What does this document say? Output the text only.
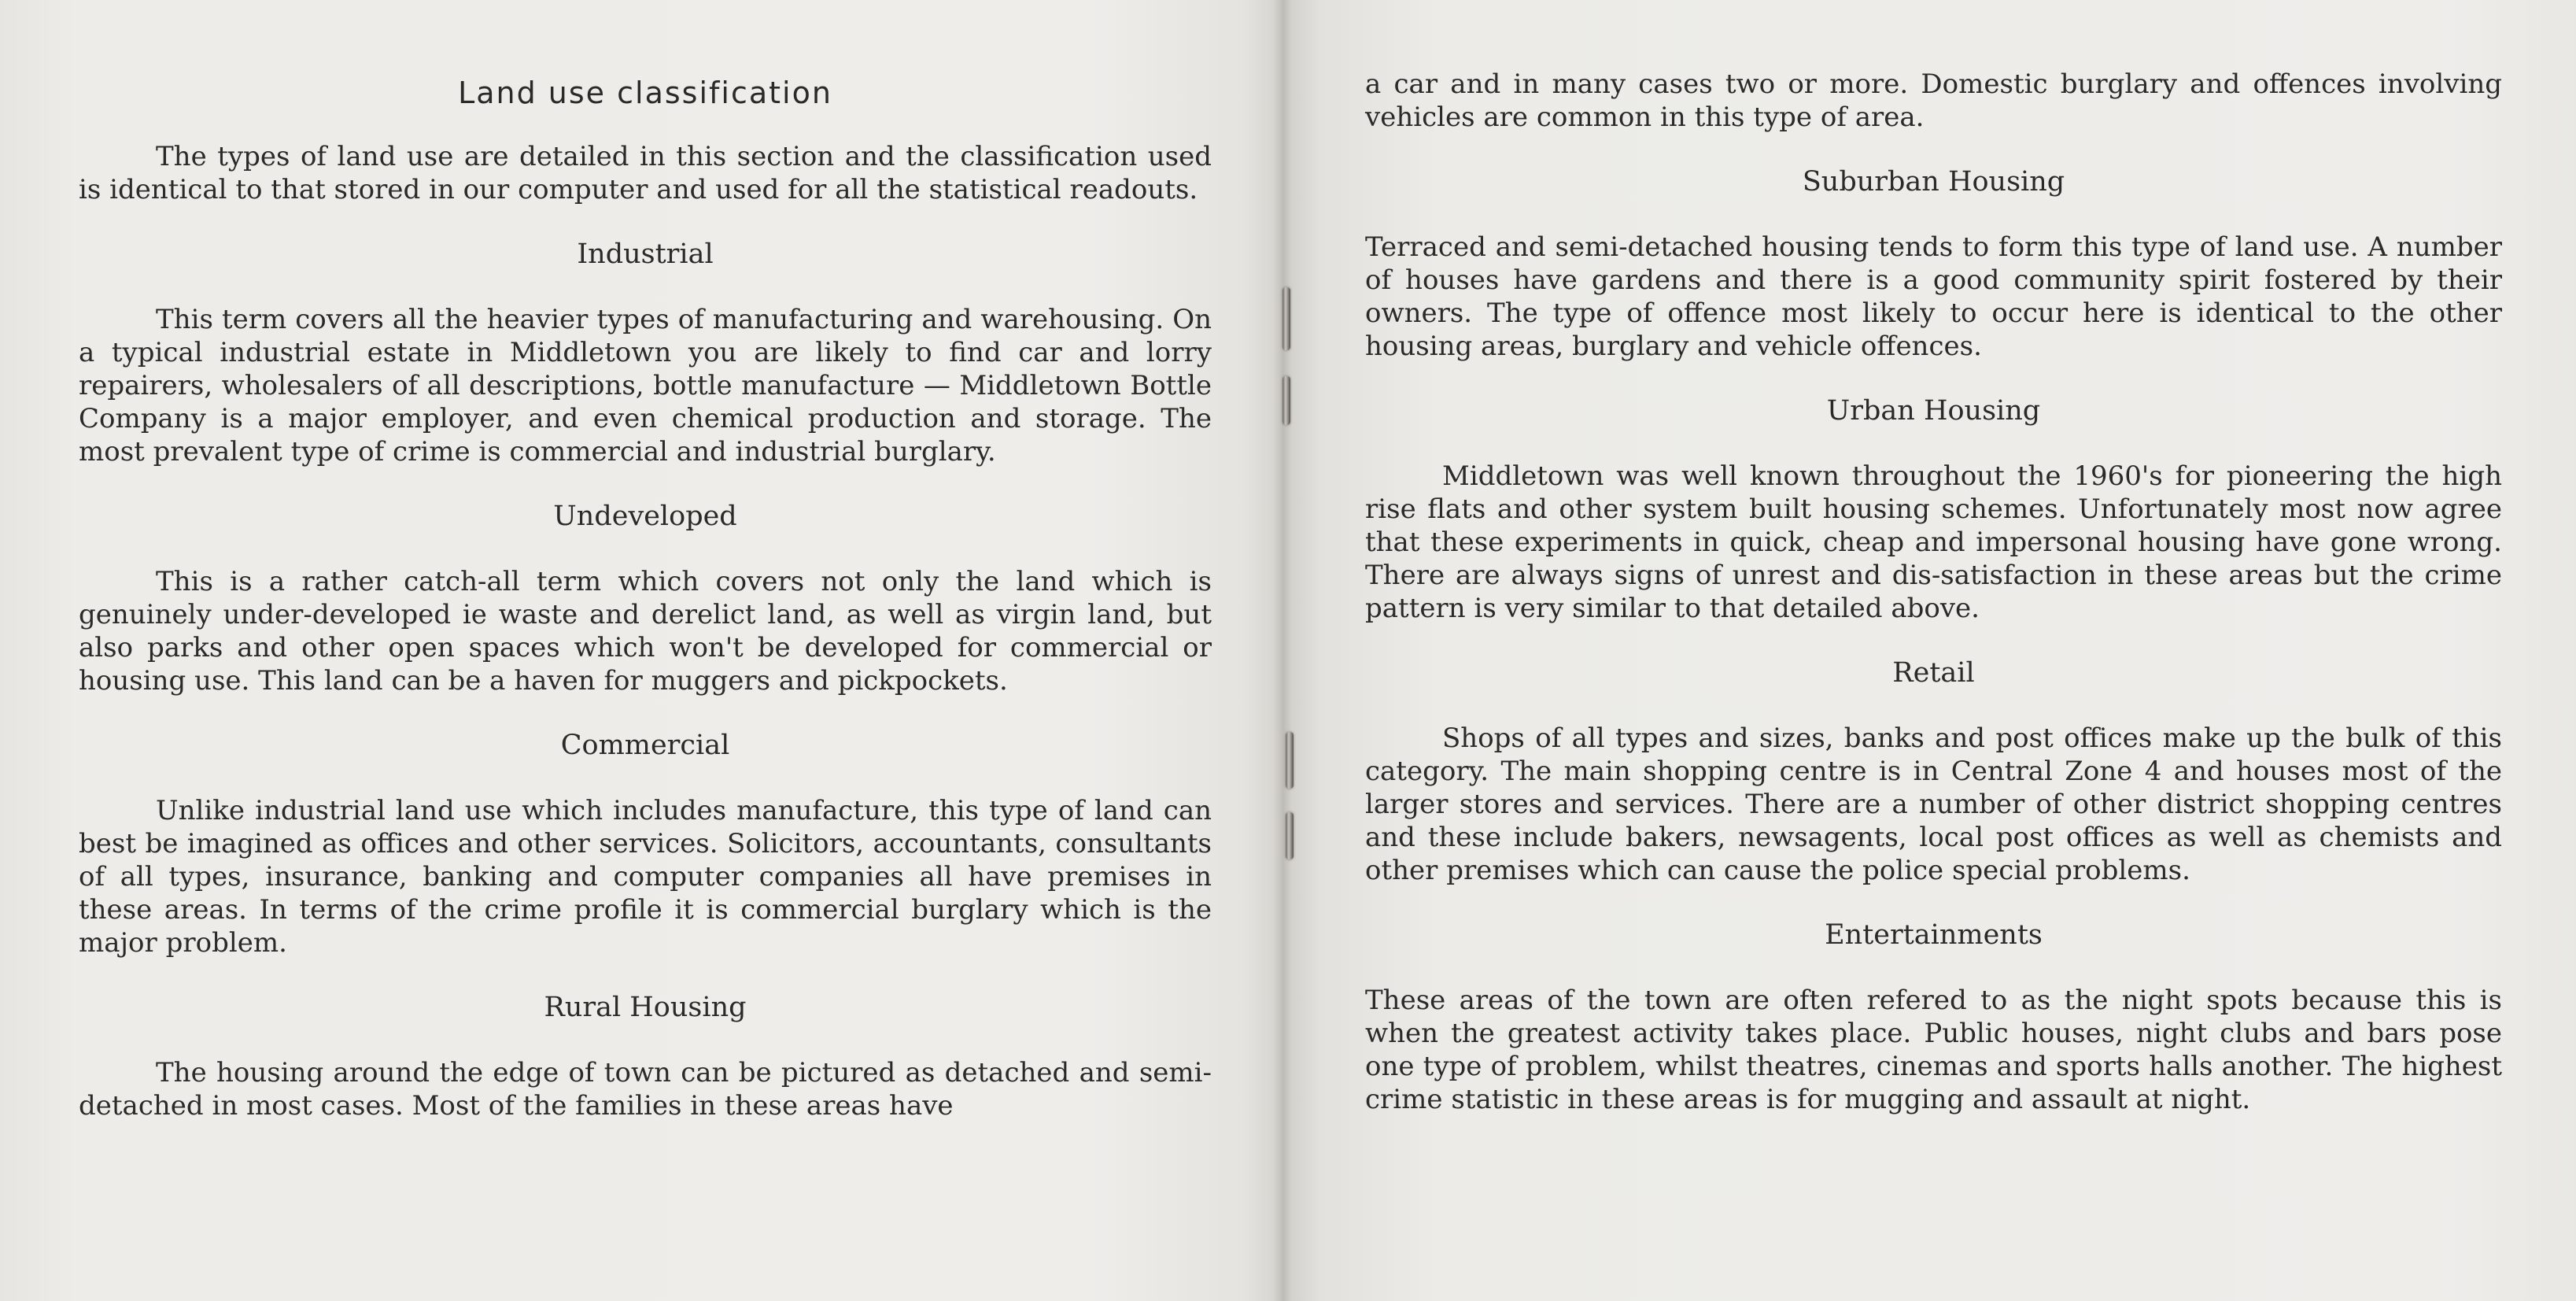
Land use classification

The types of land use are detailed in this section and the classification used is identical to that stored in our computer and used for all the statistical readouts.

Industrial

This term covers all the heavier types of manufacturing and warehousing. On a typical industrial estate in Middletown you are likely to find car and lorry repairers, wholesalers of all descriptions, bottle manufacture — Middletown Bottle Company is a major employer, and even chemical production and storage. The most prevalent type of crime is commercial and industrial burglary.

Undeveloped

This is a rather catch-all term which covers not only the land which is genuinely under-developed ie waste and derelict land, as well as virgin land, but also parks and other open spaces which won't be developed for commercial or housing use. This land can be a haven for muggers and pickpockets.

Commercial

Unlike industrial land use which includes manufacture, this type of land can best be imagined as offices and other services. Solicitors, accountants, consultants of all types, insurance, banking and computer companies all have premises in these areas. In terms of the crime profile it is commercial burglary which is the major problem.

Rural Housing

The housing around the edge of town can be pictured as detached and semi-detached in most cases. Most of the families in these areas have

a car and in many cases two or more. Domestic burglary and offences involving vehicles are common in this type of area.

Suburban Housing

Terraced and semi-detached housing tends to form this type of land use. A number of houses have gardens and there is a good community spirit fostered by their owners. The type of offence most likely to occur here is identical to the other housing areas, burglary and vehicle offences.

Urban Housing

Middletown was well known throughout the 1960's for pioneering the high rise flats and other system built housing schemes. Unfortunately most now agree that these experiments in quick, cheap and impersonal housing have gone wrong. There are always signs of unrest and dis-satisfaction in these areas but the crime pattern is very similar to that detailed above.

Retail

Shops of all types and sizes, banks and post offices make up the bulk of this category. The main shopping centre is in Central Zone 4 and houses most of the larger stores and services. There are a number of other district shopping centres and these include bakers, newsagents, local post offices as well as chemists and other premises which can cause the police special problems.

Entertainments

These areas of the town are often refered to as the night spots because this is when the greatest activity takes place. Public houses, night clubs and bars pose one type of problem, whilst theatres, cinemas and sports halls another. The highest crime statistic in these areas is for mugging and assault at night.
